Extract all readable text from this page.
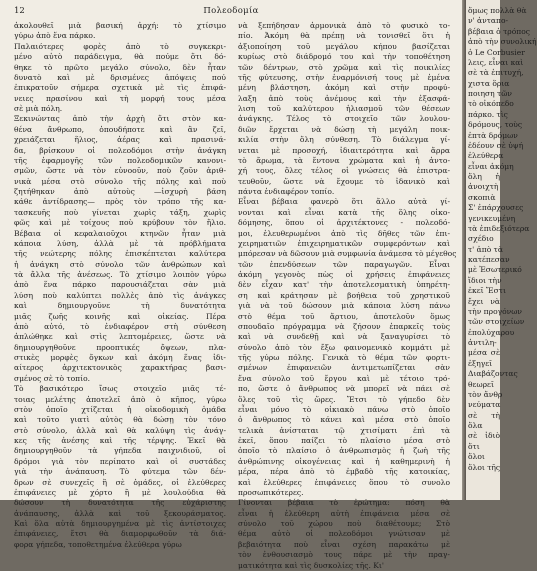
12	Πολεοδομία
ἀκολουθεῖ μιὰ βασική ἀρχή: τὸ χτίσιμο
γύρω ἀπὸ ἕνα πάρκο.
Παλαιότερες φορὲς ἀπὸ τὸ συγκεκρι-
μένο αὐτὸ παράδειγμα, θὰ πούμε ὅτι δό-
θηκε τὸ πρῶτο μεγάλο σύνολο, δὲν ἦταν
δυνατὸ καὶ μὲ δρισμένες ἀπόψεις πού
ἐπικρατοῦν σήμερα σχετικὰ μὲ τὶς ἐπιφά-
νειες πρασίνου καὶ τὴ μορφή τους μέσα
σὲ μιὰ πόλη.
Ξεκινώντας ἀπὸ τὴν ἀρχὴ ὅτι στὸν κα-
θένα ἄνθρωπο, ὁπουδήποτε καὶ ἂν ζεῖ,
χρειάζεται ἥλιος, ἀέρας καὶ πρασινά-
δα, βρίσκουν οἱ πολεοδόμοι στὴν ἀνάγκη
τῆς ἐφαρμογῆς τῶν πολεοδομικῶν κανονι-
σμῶν, ὥστε νὰ τὸν εὐνοοῦν, ποὺ ζοῦν ἀριθ-
νικὰ μέσα στὸ σύνολο τῆς πόλης καὶ ποὺ
ζητήθηκαν ἀπὸ αὐτοὺς —ἰσχυρὴ βάση
κάθε ἀντίδρασης— πρὸς τὸν τρόπο τῆς κα-
τασκευῆς ποὺ γίνεται χωρὶς τάξη, χωρὶς
φῶς καὶ μὲ τοίχους ποὺ κρύβουν τὸν ἥλιο.
Βέβαια οἱ κεφαλαιοῦχοι κτηνῶν ἦταν μιὰ
κάποια λύση, ἀλλὰ μὲ τὰ πρόβλήματα
τῆς νεώτερης πόλης ἐπισκέπτεται καλύτερα
ἡ ἀνάγκη στὸ σύνολο τῶν ἀνθρώπων καὶ
τὰ ἄλλα τῆς ἀνέσεως. Τὸ χτίσιμο λοιπὸν γύρω
ἀπὸ ἕνα πάρκο παρουσιάζεται σὰν μιὰ
λύση ποὺ καλύπτει πολλὲς ἀπὸ τὶς ἀνάγκες
καὶ δημιουργοῦνε τὴ δυνατότητα
μιᾶς ζωῆς κοινῆς καὶ οἰκείας. Πέρα
ἀπὸ αὐτό, τὸ ἐνδιαφέρον στὴ σύνθεση
ἀπλώθηκε καὶ στὶς λεπτομέρειες, ὥστε νὰ
δημιουργηθοῦνε προοπτικές ὄψεων, πλα-
στικὲς μορφὲς ὄγκων καὶ ἀκόμη ἕνας ἰδι-
αίτερος ἀρχιτεκτονικὸς χαρακτήρας βασι-
σμένος σὲ τὸ τοπίο.
Τὸ βασικότερο ἴσως στοιχεῖο μιᾶς τέ-
τοιας μελέτης ἀποτελεῖ ἀπὸ ὁ κῆπος, γύρω
στὸν ὁποῖο χτίζεται ἡ οἰκοδομικὴ ὁμάδα
καὶ τοῦτο γιατὶ αὐτὸς θὰ δώσῃ τὸν τόνο
στὸ σύνολο, ἀλλὰ καὶ θὰ καλύψη τὶς ἀνάγ-
κες τῆς ἀνέσης καὶ τῆς τέρψης. Ἐκεῖ θὰ
δημιουργηθοῦν τὰ γήπεδα παιχνιδιοῦ, οἱ
δρόμοι γιὰ τὸν περίπατο καὶ οἱ συστάδες
γιὰ τὴν ἀνάπαυση. Τὸ φύτεμα τῶν δέν-
δρων σὲ συνεχεῖς ἢ σὲ ὁμάδες, οἱ ἐλεύθερες
ἐπιφάνειες μὲ χόρτο ἢ μὲ λουλούδια θὰ
δώσουν τὴ δυνατότητα τῆς εὐχάριστης
ἀνάπαυσης, ἀλλὰ καὶ τοῦ ξεκουράσματος.
Καὶ ὅλα αὐτὰ δημιουργημένα μὲ τὶς ἀντίστοιχες
ἐπιφάνειες, ἔτσι θὰ διαμορφωθοῦν τὰ διά-
φορα γήπεδα, τοποθετημένα ἐλεύθερα γύρω
νὰ ξεπήδησαν ἁρμονικὰ ἀπὸ τὸ φυσικὸ το-
πίο. Ἀκόμη θὰ πρέπῃ νὰ τονισθεῖ ὅτι ἡ
ἀξιοποίηση τοῦ μεγάλου κήπου βασίζεται
κυρίως στὸ διάδρομό του καὶ τὴν τοποθέτηση
τῶν δέντρων, στὸ χρῶμα καὶ τὶς ποικιλίες
τῆς φύτευσης, στὴν ἐναρμόνισή τους μὲ ἐμένα
μένη βλάστηση, ἀκόμη καὶ στὴν προφύ-
λαξη ἀπὸ τοὺς ἀνέμους καὶ τὴν ἐξασφά-
λιση τοῦ καλύτερου ἡλιασμοῦ τῶν θέσεων
ἀνάγκης. Τέλος τὸ στοιχεῖο τῶν λουλου-
διῶν ἔρχεται νὰ δώσῃ τὴ μεγάλη ποικ-
κιλία στὴν ὅλη σύνθεση. Τὸ διάλεγμα γί-
νεται μὲ προσοχή, ἰδιαιτερότητα καὶ ἄρρα
τὸ ἄρωμα, τὰ ἔντονα χρώματα καὶ ἡ ἀντο-
χή τους, ὅλες τέλος οἱ γνώσεις θὰ ἐπιστρα-
τευθοῦν, ὥστε νὰ ἔχουμε τὸ ἰδανικὸ καὶ
πάντα ἐνδιαφέρον τοπίο.
Εἶναι βέβαια φανερὸ ὅτι ἄλλο αὐτὰ γί-
νονται καὶ εἶναι κατὰ τῆς ὅλης οἰκο-
δόμησης, ὅπου οἱ ἀρχιτέκτονες - πολεοδό-
μοι, ἐλευθερωμένοι ἀπὸ τὶς δῆθες τῶν ἐπι-
χειρηματιῶν ἐπιχειρηματικῶν συμφερόντων καὶ
μπόρεσαν νὰ δῶσουν μιὰ συμφωνία ἀνάμεσα τὸ μέγεθος
τῶν ἐπενδύσεων τῶν παραγωγῶν. Εἶναι
ἀκόμη γεγονὸς πὼς οἱ χρήσεις ἐπιφάνειες
δὲν εἶχαν κατ' τὴν ἀποτελεσματικὴ ὑπηρέτη-
ση καὶ κράτησαν μὲ βοήθεια τοῦ χρηστικοῦ
γιὰ νὰ τοῦ δώσουν μιὰ κάποια λύση πάνω
στὸ θέμα τοῦ ἄρτιου, ἀποτελοῦν ὅμως
σπουδαῖο πρόγραμμα νὰ ζήσουν ἐπαρκεῖς τοὺς
καὶ νὰ συνδεθῇ καὶ νὰ ξαναγυρίσει τὸ
σύνολο ἀπὸ τὸν ἔξω φαινομενικὸ κομμάτι μὲ
τῆς γύρω πόλης. Γενικὰ τὸ θέμα τῶν φορτι-
σμένων ἐπιφανειῶν ἀντιμετωπίζεται σὰν
ἕνα σύνολο τοῦ ἔργου καὶ μὲ τέτοιο τρό-
πο, ὥστε ὁ ἄνθρωπος νὰ μπορεῖ νὰ πάει σὲ
ὅλες τοῦ τὶς ὥρες. Ἔτσι τὸ γήπεδο δὲν
εἶναι μόνο τὸ οἰκιακὸ πάνω στὸ ὁποῖο
ὁ ἄνθρωπος τὸ κάνει καὶ μέσα στὸ ὁποῖο
τελικὰ ἀνίσταται τῷ χτισίματι ἐπὶ τὰ
ἐκεῖ, ὅπου παίζει τὸ πλαίσιο μέσα στὸ
ὁποῖο τὸ πλαίσιο ὁ ἀνθρωπισμὸς ἡ ζωὴ τῆς
ἀνθρώπινης οἰκογένειας καὶ ἡ καθημερινὴ ἡ
μέρα, πέρα ἀπὸ τὸ ἐμβαδὸ τῆς κατοικίας,
καὶ ἐλεύθερες ἐπιφάνειες ὅπου τὸ συνολο
προσωπικότερες.
Γίνονται βέβαια τὸ ἐρώτημα: πόση θὰ
εἶναι ἡ ἐλεύθερη αὐτὴ ἐπιφάνεια μέσα σὲ
σύνολο τοῦ χώρου ποὺ διαθέτουμε; Στὸ
θέμα αὐτὸ οἱ πολεοδόμοι γνώτισαν μὲ
βεβαιότητα ποὺ εἶναι σχέση παρακάτω μὲ
τὸν ἐνθουσιασμὸ τους πάρε μὲ τὴν πραγ-
ματικότητα καὶ τὶς δυσκολίες τῆς. Κι'
ὅμως πολλὰ θὰ
ν' ἀνταπο-
βέβαια ὁ τρόπος
ἀπὸ τὴν συνολική
ὁ Le Corbusier
λεις, εἶναι καὶ
σὲ τὰ ἐπιτυχή,
χιστα ὅρια
ποιηση τῶν
τὸ οἰκόπεδο
πάρκο. τὶς
δρόμους, τοὺς
ἐπτὰ δρόμων
ἐδέουν σὲ ὑψή
ἐλεύθερα
εἶναι ἀκόμη
ὅλη ἡ
ἀνοιχτὴ
σκοπιὰ
Σ' ἐπάρχουσες
γενικευμένη
τὰ ἐπιδεξιότερα
σχέδιο
τ' ἀπὸ τὰ
κατέπεσαν
μὲ Ἐσωτερικό
ἴδιοι τὴν
ἐκεῖ Ἔστι
ἔχει νὰ
τὴν προγόνων
τῶν στοιχείων
ἐπολύχαρου
ἀντιλη-
μέσα σὲ
ἐξηγεῖ
Διαβάζοντας
θεωρεῖ
τὸν ἄνθρ
νεύματα
σὲ τὴ
ὅλα
σὲ ἰδιὸ
ὅτι
ὅλοι
ὅλοι τῆς
